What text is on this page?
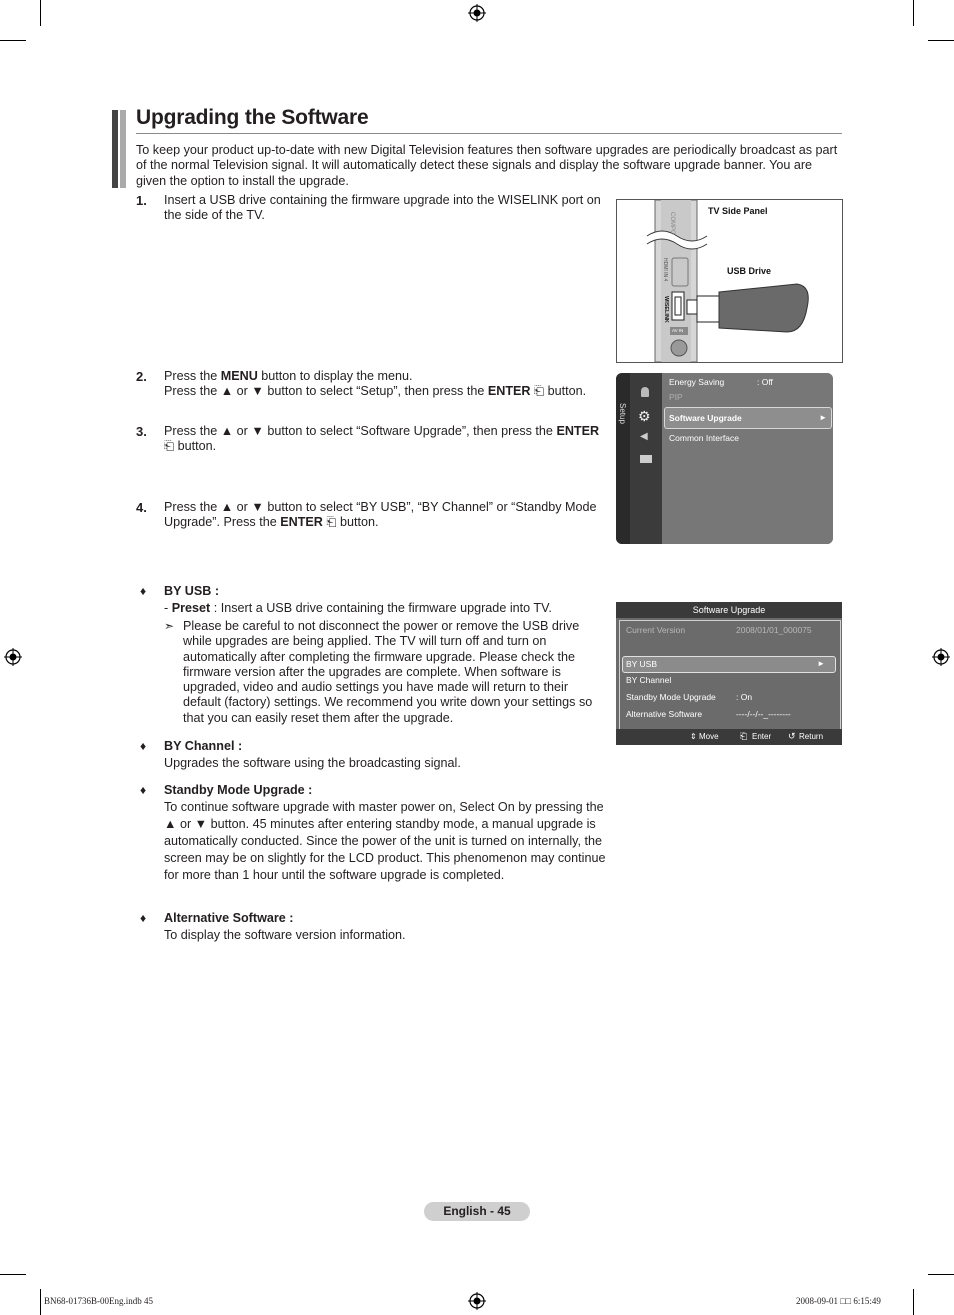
Upgrading the Software
To keep your product up-to-date with new Digital Television features then software upgrades are periodically broadcast as part of the normal Television signal. It will automatically detect these signals and display the software upgrade banner. You are given the option to install the upgrade.
1. Insert a USB drive containing the firmware upgrade into the WISELINK port on the side of the TV.
2. Press the MENU button to display the menu.
Press the ▲ or ▼ button to select “Setup”, then press the ENTER ⎗ button.
3. Press the ▲ or ▼ button to select “Software Upgrade”, then press the ENTER ⎗ button.
4. Press the ▲ or ▼ button to select “BY USB”, “BY Channel” or “Standby Mode Upgrade”. Press the ENTER ⎗ button.
♦ BY USB :
- Preset : Insert a USB drive containing the firmware upgrade into TV.
➣ Please be careful to not disconnect the power or remove the USB drive while upgrades are being applied. The TV will turn off and turn on automatically after completing the firmware upgrade. Please check the firmware version after the upgrades are complete. When software is upgraded, video and audio settings you have made will return to their default (factory) settings. We recommend you write down your settings so that you can easily reset them after the upgrade.
♦ BY Channel :
Upgrades the software using the broadcasting signal.
♦ Standby Mode Upgrade :
To continue software upgrade with master power on, Select On by pressing the ▲ or ▼ button. 45 minutes after entering standby mode, a manual upgrade is automatically conducted. Since the power of the unit is turned on internally, the screen may be on slightly for the LCD product. This phenomenon may continue for more than 1 hour until the software upgrade is completed.
♦ Alternative Software :
To display the software version information.
COMPO
HDMI IN 4
WISELINK
AV IN
TV Side Panel
USB Drive
Setup ⚙
◀
Energy Saving	: Off
PIP
Software Upgrade	►
Common Interface
Software Upgrade
Current Version	2008/01/01_000075
BY USB	►
BY Channel
Standby Mode Upgrade : On
Alternative Software	----/--/--_--------
⇕ Move ⎗ Enter ↺ Return
English - 45
BN68-01736B-00Eng.indb 45	2008-09-01 □□ 6:15:49
